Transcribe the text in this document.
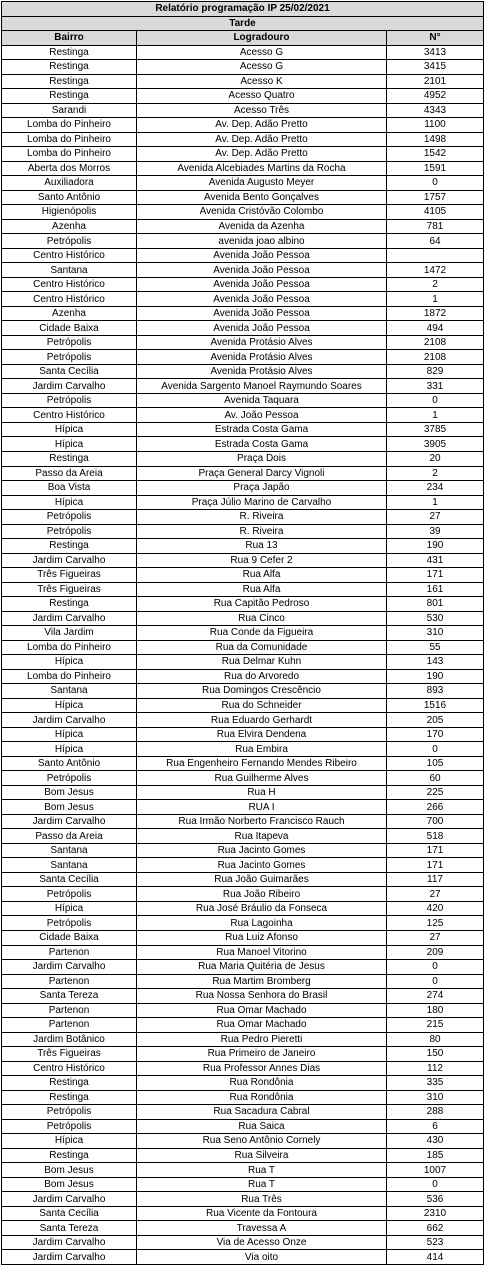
Relatório programação IP 25/02/2021		
Tarde		
Bairro	Logradouro	N°
Restinga	Acesso G	3413
Restinga	Acesso G	3415
Restinga	Acesso K	2101
Restinga	Acesso Quatro	4952
Sarandi	Acesso Três	4343
Lomba do Pinheiro	Av. Dep. Adão Pretto	1100
Lomba do Pinheiro	Av. Dep. Adão Pretto	1498
Lomba do Pinheiro	Av. Dep. Adão Pretto	1542
Aberta dos Morros	Avenida Alcebiades Martins da Rocha	1591
Auxiliadora	Avenida Augusto Meyer	0
Santo Antônio	Avenida Bento Gonçalves	1757
Higienópolis	Avenida Cristóvão Colombo	4105
Azenha	Avenida da Azenha	781
Petrópolis	avenida joao albino	64
Centro Histórico	Avenida João Pessoa	
Santana	Avenida João Pessoa	1472
Centro Histórico	Avenida João Pessoa	2
Centro Histórico	Avenida João Pessoa	1
Azenha	Avenida João Pessoa	1872
Cidade Baixa	Avenida João Pessoa	494
Petrópolis	Avenida Protásio Alves	2108
Petrópolis	Avenida Protásio Alves	2108
Santa Cecília	Avenida Protásio Alves	829
Jardim Carvalho	Avenida Sargento Manoel Raymundo Soares	331
Petrópolis	Avenida Taquara	0
Centro Histórico	Av. João Pessoa	1
Hípica	Estrada Costa Gama	3785
Hípica	Estrada Costa Gama	3905
Restinga	Praça Dois	20
Passo da Areia	Praça General Darcy Vignoli	2
Boa Vista	Praça Japão	234
Hípica	Praça Júlio Marino de Carvalho	1
Petrópolis	R. Riveira	27
Petrópolis	R. Riveira	39
Restinga	Rua 13	190
Jardim Carvalho	Rua 9 Cefer 2	431
Três Figueiras	Rua Alfa	171
Três Figueiras	Rua Alfa	161
Restinga	Rua Capitão Pedroso	801
Jardim Carvalho	Rua Cinco	530
Vila Jardim	Rua Conde da Figueira	310
Lomba do Pinheiro	Rua da Comunidade	55
Hípica	Rua Delmar Kuhn	143
Lomba do Pinheiro	Rua do Arvoredo	190
Santana	Rua Domingos Crescêncio	893
Hípica	Rua do Schneider	1516
Jardim Carvalho	Rua Eduardo Gerhardt	205
Hípica	Rua Elvira Dendena	170
Hípica	Rua Embira	0
Santo Antônio	Rua Engenheiro Fernando Mendes Ribeiro	105
Petrópolis	Rua Guilherme Alves	60
Bom Jesus	Rua H	225
Bom Jesus	RUA I	266
Jardim Carvalho	Rua Irmão Norberto Francisco Rauch	700
Passo da Areia	Rua Itapeva	518
Santana	Rua Jacinto Gomes	171
Santana	Rua Jacinto Gomes	171
Santa Cecília	Rua João Guimarães	117
Petrópolis	Rua João Ribeiro	27
Hípica	Rua José Bráulio da Fonseca	420
Petrópolis	Rua Lagoinha	125
Cidade Baixa	Rua Luiz Afonso	27
Partenon	Rua Manoel Vitorino	209
Jardim Carvalho	Rua Maria Quitéria de Jesus	0
Partenon	Rua Martim Bromberg	0
Santa Tereza	Rua Nossa Senhora do Brasil	274
Partenon	Rua Omar Machado	180
Partenon	Rua Omar Machado	215
Jardim Botânico	Rua Pedro Pieretti	80
Três Figueiras	Rua Primeiro de Janeiro	150
Centro Histórico	Rua Professor Annes Dias	112
Restinga	Rua Rondônia	335
Restinga	Rua Rondônia	310
Petrópolis	Rua Sacadura Cabral	288
Petrópolis	Rua Saica	6
Hípica	Rua Seno Antônio Cornely	430
Restinga	Rua Silveira	185
Bom Jesus	Rua T	1007
Bom Jesus	Rua T	0
Jardim Carvalho	Rua Três	536
Santa Cecília	Rua Vicente da Fontoura	2310
Santa Tereza	Travessa A	662
Jardim Carvalho	Via de Acesso Onze	523
Jardim Carvalho	Via oito	414
